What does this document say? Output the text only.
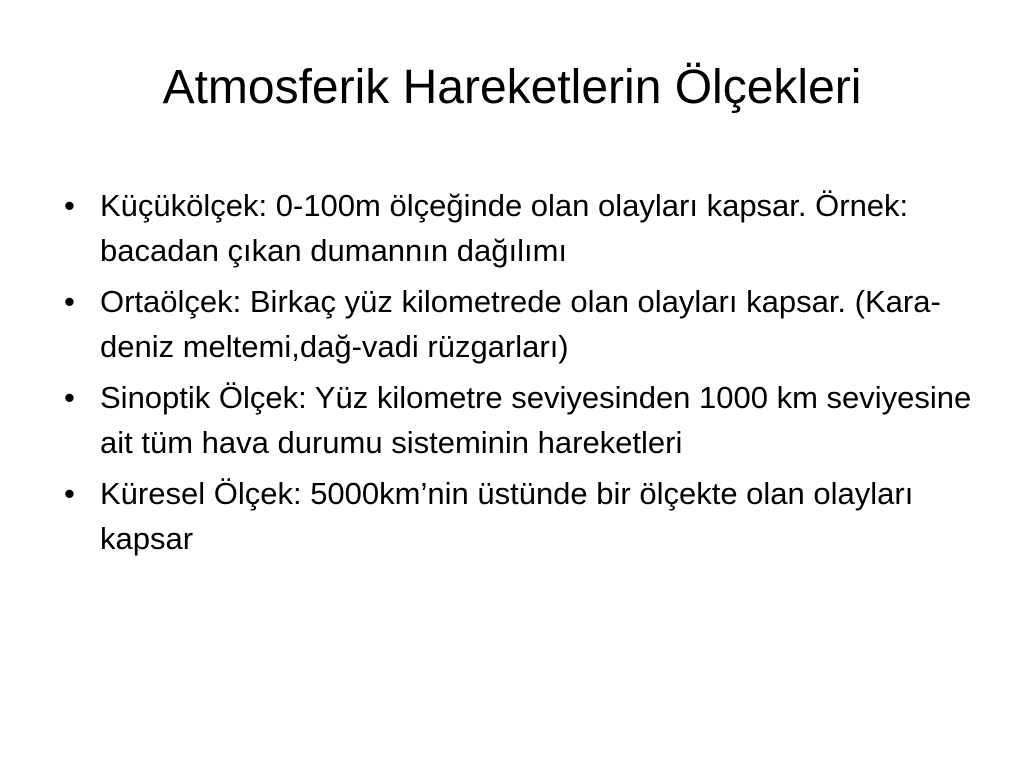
Atmosferik Hareketlerin Ölçekleri
• Küçükölçek: 0-100m ölçeğinde olan olayları kapsar. Örnek: bacadan çıkan dumannın dağılımı
• Ortaölçek: Birkaç yüz kilometrede olan olayları kapsar. (Kara-deniz meltemi,dağ-vadi rüzgarları)
• Sinoptik Ölçek: Yüz kilometre seviyesinden 1000 km seviyesine ait tüm hava durumu sisteminin hareketleri
• Küresel Ölçek: 5000km’nin üstünde bir ölçekte olan olayları kapsar
